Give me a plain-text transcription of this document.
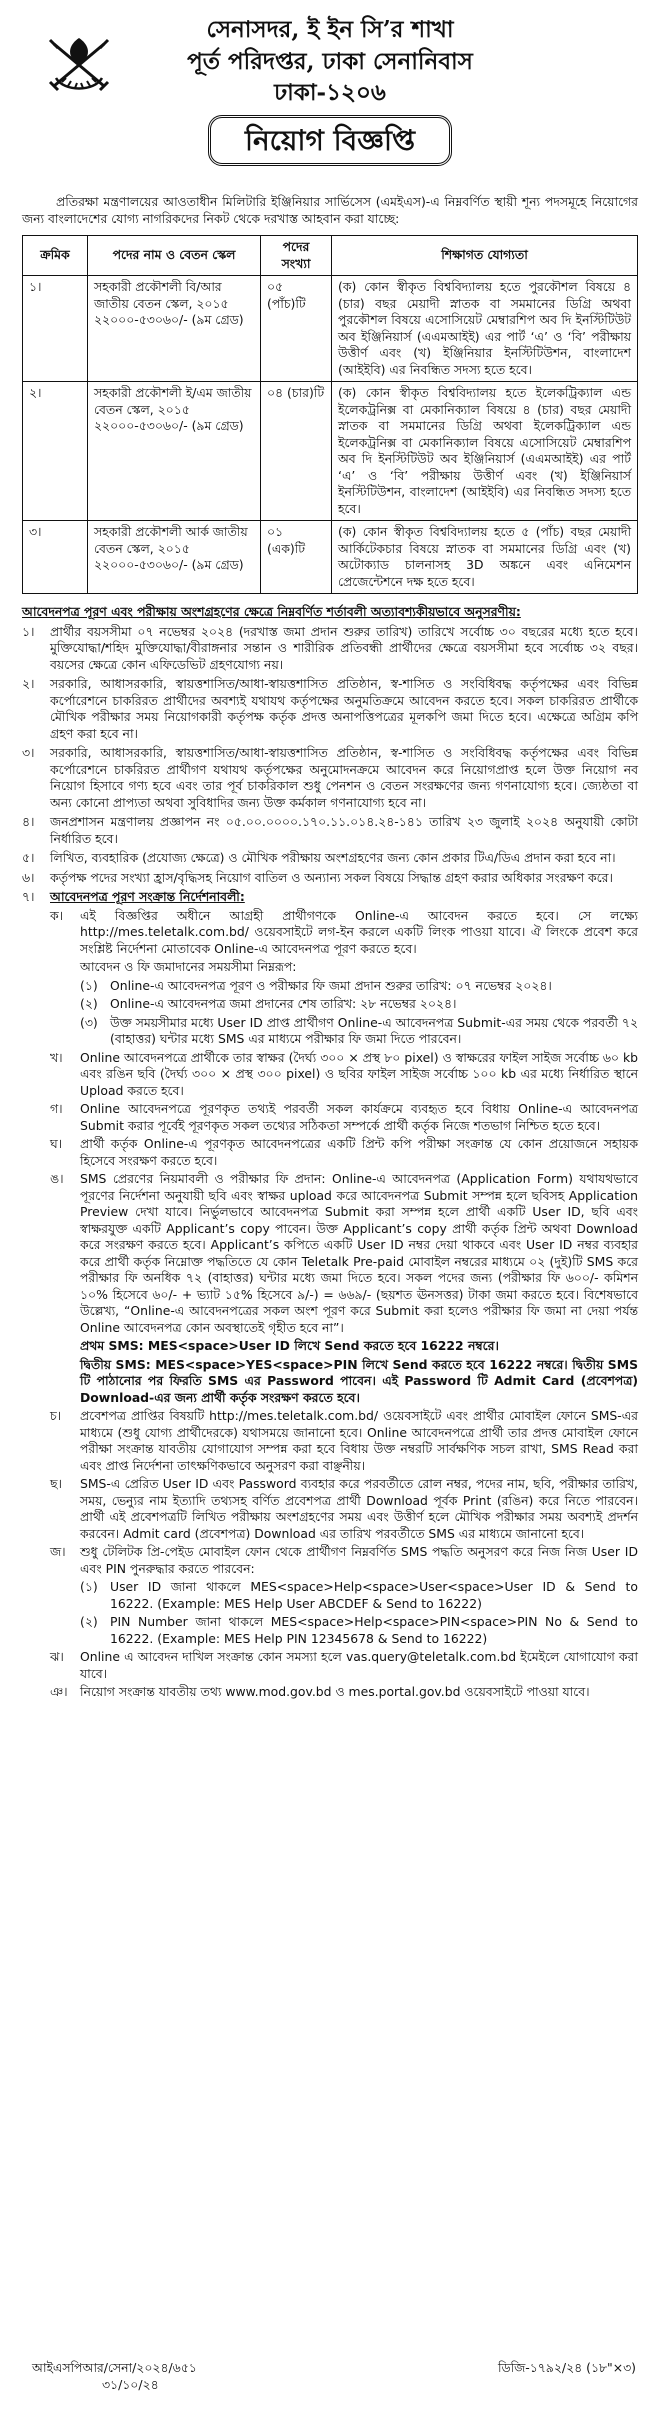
সেনাসদর, ই ইন সি’র শাখা
পূর্ত পরিদপ্তর, ঢাকা সেনানিবাস
ঢাকা-১২০৬
নিয়োগ বিজ্ঞপ্তি
প্রতিরক্ষা মন্ত্রণালয়ের আওতাধীন মিলিটারি ইঞ্জিনিয়ার সার্ভিসেস (এমইএস)-এ নিম্নবর্ণিত স্থায়ী শূন্য পদসমূহে নিয়োগের জন্য বাংলাদেশের যোগ্য নাগরিকদের নিকট থেকে দরখাস্ত আহবান করা যাচ্ছে:
ক্রমিক	পদের নাম ও বেতন স্কেল	পদের সংখ্যা	শিক্ষাগত যোগ্যতা
১।	সহকারী প্রকৌশলী বি/আর জাতীয় বেতন স্কেল, ২০১৫ ২২০০০-৫৩০৬০/- (৯ম গ্রেড)	০৫ (পাঁচ)টি	(ক) কোন স্বীকৃত বিশ্ববিদ্যালয় হতে পুরকৌশল বিষয়ে ৪ (চার) বছর মেয়াদী স্নাতক বা সমমানের ডিগ্রি অথবা পুরকৌশল বিষয়ে এসোসিয়েট মেম্বারশিপ অব দি ইনস্টিটিউট অব ইঞ্জিনিয়ার্স (এএমআইই) এর পার্ট ‘এ’ ও ‘বি’ পরীক্ষায় উত্তীর্ণ এবং (খ) ইঞ্জিনিয়ার ইনস্টিটিউশন, বাংলাদেশ (আইইবি) এর নিবন্ধিত সদস্য হতে হবে।
২।	সহকারী প্রকৌশলী ই/এম জাতীয় বেতন স্কেল, ২০১৫ ২২০০০-৫৩০৬০/- (৯ম গ্রেড)	০৪ (চার)টি	(ক) কোন স্বীকৃত বিশ্ববিদ্যালয় হতে ইলেকট্রিক্যাল এন্ড ইলেকট্রনিক্স বা মেকানিক্যাল বিষয়ে ৪ (চার) বছর মেয়াদী স্নাতক বা সমমানের ডিগ্রি অথবা ইলেকট্রিক্যাল এন্ড ইলেকট্রনিক্স বা মেকানিক্যাল বিষয়ে এসোসিয়েট মেম্বারশিপ অব দি ইনস্টিটিউট অব ইঞ্জিনিয়ার্স (এএমআইই) এর পার্ট ‘এ’ ও ‘বি’ পরীক্ষায় উত্তীর্ণ এবং (খ) ইঞ্জিনিয়ার্স ইনস্টিটিউশন, বাংলাদেশ (আইইবি) এর নিবন্ধিত সদস্য হতে হবে।
৩।	সহকারী প্রকৌশলী আর্ক জাতীয় বেতন স্কেল, ২০১৫ ২২০০০-৫৩০৬০/- (৯ম গ্রেড)	০১ (এক)টি	(ক) কোন স্বীকৃত বিশ্ববিদ্যালয় হতে ৫ (পাঁচ) বছর মেয়াদী আর্কিটেকচার বিষয়ে স্নাতক বা সমমানের ডিগ্রি এবং (খ) অটোক্যাড চালনাসহ 3D অঙ্কনে এবং এনিমেশন প্রেজেন্টেশনে দক্ষ হতে হবে।
আবেদনপত্র পূরণ এবং পরীক্ষায় অংশগ্রহণের ক্ষেত্রে নিম্নবর্ণিত শর্তাবলী অত্যাবশ্যকীয়ভাবে অনুসরণীয়:
১।	প্রার্থীর বয়সসীমা ০৭ নভেম্বর ২০২৪ (দরখাস্ত জমা প্রদান শুরুর তারিখ) তারিখে সর্বোচ্চ ৩০ বছরের মধ্যে হতে হবে। মুক্তিযোদ্ধা/শহিদ মুক্তিযোদ্ধা/বীরাঙ্গনার সন্তান ও শারীরিক প্রতিবন্ধী প্রার্থীদের ক্ষেত্রে বয়সসীমা হবে সর্বোচ্চ ৩২ বছর। বয়সের ক্ষেত্রে কোন এফিডেভিট গ্রহণযোগ্য নয়।
২।	সরকারি, আধাসরকারি, স্বায়ত্তশাসিত/আধা-স্বায়ত্তশাসিত প্রতিষ্ঠান, স্ব-শাসিত ও সংবিধিবদ্ধ কর্তৃপক্ষের এবং বিভিন্ন কর্পোরেশনে চাকরিরত প্রার্থীদের অবশ্যই যথাযথ কর্তৃপক্ষের অনুমতিক্রমে আবেদন করতে হবে। সকল চাকরিরত প্রার্থীকে মৌখিক পরীক্ষার সময় নিয়োগকারী কর্তৃপক্ষ কর্তৃক প্রদত্ত অনাপত্তিপত্রের মূলকপি জমা দিতে হবে। এক্ষেত্রে অগ্রিম কপি গ্রহণ করা হবে না।
৩।	সরকারি, আধাসরকারি, স্বায়ত্তশাসিত/আধা-স্বায়ত্তশাসিত প্রতিষ্ঠান, স্ব-শাসিত ও সংবিধিবদ্ধ কর্তৃপক্ষের এবং বিভিন্ন কর্পোরেশনে চাকরিরত প্রার্থীগণ যথাযথ কর্তৃপক্ষের অনুমোদনক্রমে আবেদন করে নিয়োগপ্রাপ্ত হলে উক্ত নিয়োগ নব নিয়োগ হিসাবে গণ্য হবে এবং তার পূর্ব চাকরিকাল শুধু পেনশন ও বেতন সংরক্ষণের জন্য গণনাযোগ্য হবে। জ্যেষ্ঠতা বা অন্য কোনো প্রাপ্যতা অথবা সুবিধাদির জন্য উক্ত কর্মকাল গণনাযোগ্য হবে না।
৪।	জনপ্রশাসন মন্ত্রণালয় প্রজ্ঞাপন নং ০৫.০০.০০০০.১৭০.১১.০১৪.২৪-১৪১ তারিখ ২৩ জুলাই ২০২৪ অনুযায়ী কোটা নির্ধারিত হবে।
৫।	লিখিত, ব্যবহারিক (প্রযোজ্য ক্ষেত্রে) ও মৌখিক পরীক্ষায় অংশগ্রহণের জন্য কোন প্রকার টিএ/ডিএ প্রদান করা হবে না।
৬।	কর্তৃপক্ষ পদের সংখ্যা হ্রাস/বৃদ্ধিসহ নিয়োগ বাতিল ও অন্যান্য সকল বিষয়ে সিদ্ধান্ত গ্রহণ করার অধিকার সংরক্ষণ করে।
৭।	আবেদনপত্র পূরণ সংক্রান্ত নির্দেশনাবলী:
ক।	এই বিজ্ঞপ্তির অধীনে আগ্রহী প্রার্থীগণকে Online-এ আবেদন করতে হবে। সে লক্ষ্যে http://mes.teletalk.com.bd/ ওয়েবসাইটে লগ-ইন করলে একটি লিংক পাওয়া যাবে। ঐ লিংকে প্রবেশ করে সংশ্লিষ্ট নির্দেশনা মোতাবেক Online-এ আবেদনপত্র পূরণ করতে হবে।
আবেদন ও ফি জমাদানের সময়সীমা নিম্নরূপ:
(১) Online-এ আবেদনপত্র পূরণ ও পরীক্ষার ফি জমা প্রদান শুরুর তারিখ: ০৭ নভেম্বর ২০২৪।
(২) Online-এ আবেদনপত্র জমা প্রদানের শেষ তারিখ: ২৮ নভেম্বর ২০২৪।
(৩) উক্ত সময়সীমার মধ্যে User ID প্রাপ্ত প্রার্থীগণ Online-এ আবেদনপত্র Submit-এর সময় থেকে পরবর্তী ৭২ (বাহাত্তর) ঘন্টার মধ্যে SMS এর মাধ্যমে পরীক্ষার ফি জমা দিতে পারবেন।
খ।	Online আবেদনপত্রে প্রার্থীকে তার স্বাক্ষর (দৈর্ঘ্য ৩০০ × প্রস্থ ৮০ pixel) ও স্বাক্ষরের ফাইল সাইজ সর্বোচ্চ ৬০ kb এবং রঙিন ছবি (দৈর্ঘ্য ৩০০ × প্রস্থ ৩০০ pixel) ও ছবির ফাইল সাইজ সর্বোচ্চ ১০০ kb এর মধ্যে নির্ধারিত স্থানে Upload করতে হবে।
গ।	Online আবেদনপত্রে পূরণকৃত তথ্যই পরবর্তী সকল কার্যক্রমে ব্যবহৃত হবে বিধায় Online-এ আবেদনপত্র Submit করার পূর্বেই পূরণকৃত সকল তথ্যের সঠিকতা সম্পর্কে প্রার্থী কর্তৃক নিজে শতভাগ নিশ্চিত হতে হবে।
ঘ।	প্রার্থী কর্তৃক Online-এ পূরণকৃত আবেদনপত্রের একটি প্রিন্ট কপি পরীক্ষা সংক্রান্ত যে কোন প্রয়োজনে সহায়ক হিসেবে সংরক্ষণ করতে হবে।
ঙ।	SMS প্রেরণের নিয়মাবলী ও পরীক্ষার ফি প্রদান: Online-এ আবেদনপত্র (Application Form) যথাযথভাবে পূরণের নির্দেশনা অনুযায়ী ছবি এবং স্বাক্ষর upload করে আবেদনপত্র Submit সম্পন্ন হলে ছবিসহ Application Preview দেখা যাবে। নির্ভুলভাবে আবেদনপত্র Submit করা সম্পন্ন হলে প্রার্থী একটি User ID, ছবি এবং স্বাক্ষরযুক্ত একটি Applicant’s copy পাবেন। উক্ত Applicant’s copy প্রার্থী কর্তৃক প্রিন্ট অথবা Download করে সংরক্ষণ করতে হবে। Applicant’s কপিতে একটি User ID নম্বর দেয়া থাকবে এবং User ID নম্বর ব্যবহার করে প্রার্থী কর্তৃক নিম্নোক্ত পদ্ধতিতে যে কোন Teletalk Pre-paid মোবাইল নম্বরের মাধ্যমে ০২ (দুই)টি SMS করে পরীক্ষার ফি অনধিক ৭২ (বাহাত্তর) ঘন্টার মধ্যে জমা দিতে হবে। সকল পদের জন্য (পরীক্ষার ফি ৬০০/- কমিশন ১০% হিসেবে ৬০/- + ভ্যাট ১৫% হিসেবে ৯/-) = ৬৬৯/- (ছয়শত ঊনসত্তর) টাকা জমা করতে হবে। বিশেষভাবে উল্লেখ্য, “Online-এ আবেদনপত্রের সকল অংশ পূরণ করে Submit করা হলেও পরীক্ষার ফি জমা না দেয়া পর্যন্ত Online আবেদনপত্র কোন অবস্থাতেই গৃহীত হবে না”।
প্রথম SMS: MES<space>User ID লিখে Send করতে হবে 16222 নম্বরে।
দ্বিতীয় SMS: MES<space>YES<space>PIN লিখে Send করতে হবে 16222 নম্বরে। দ্বিতীয় SMS টি পাঠানোর পর ফিরতি SMS এর Password পাবেন। এই Password টি Admit Card (প্রবেশপত্র) Download-এর জন্য প্রার্থী কর্তৃক সংরক্ষণ করতে হবে।
চ।	প্রবেশপত্র প্রাপ্তির বিষয়টি http://mes.teletalk.com.bd/ ওয়েবসাইটে এবং প্রার্থীর মোবাইল ফোনে SMS-এর মাধ্যমে (শুধু যোগ্য প্রার্থীদেরকে) যথাসময়ে জানানো হবে। Online আবেদনপত্রে প্রার্থী তার প্রদত্ত মোবাইল ফোনে পরীক্ষা সংক্রান্ত যাবতীয় যোগাযোগ সম্পন্ন করা হবে বিধায় উক্ত নম্বরটি সার্বক্ষণিক সচল রাখা, SMS Read করা এবং প্রাপ্ত নির্দেশনা তাৎক্ষণিকভাবে অনুসরণ করা বাঞ্ছনীয়।
ছ।	SMS-এ প্রেরিত User ID এবং Password ব্যবহার করে পরবর্তীতে রোল নম্বর, পদের নাম, ছবি, পরীক্ষার তারিখ, সময়, ভেন্যুর নাম ইত্যাদি তথ্যসহ বর্ণিত প্রবেশপত্র প্রার্থী Download পূর্বক Print (রঙিন) করে নিতে পারবেন। প্রার্থী এই প্রবেশপত্রটি লিখিত পরীক্ষায় অংশগ্রহণের সময় এবং উত্তীর্ণ হলে মৌখিক পরীক্ষার সময় অবশ্যই প্রদর্শন করবেন। Admit card (প্রবেশপত্র) Download এর তারিখ পরবর্তীতে SMS এর মাধ্যমে জানানো হবে।
জ।	শুধু টেলিটক প্রি-পেইড মোবাইল ফোন থেকে প্রার্থীগণ নিম্নবর্ণিত SMS পদ্ধতি অনুসরণ করে নিজ নিজ User ID এবং PIN পুনরুদ্ধার করতে পারবেন:
(১) User ID জানা থাকলে MES<space>Help<space>User<space>User ID & Send to 16222. (Example: MES Help User ABCDEF & Send to 16222)
(২) PIN Number জানা থাকলে MES<space>Help<space>PIN<space>PIN No & Send to 16222. (Example: MES Help PIN 12345678 & Send to 16222)
ঝ।	Online এ আবেদন দাখিল সংক্রান্ত কোন সমস্যা হলে vas.query@teletalk.com.bd ইমেইলে যোগাযোগ করা যাবে।
ঞ।	নিয়োগ সংক্রান্ত যাবতীয় তথ্য www.mod.gov.bd ও mes.portal.gov.bd ওয়েবসাইটে পাওয়া যাবে।
আইএসপিআর/সেনা/২০২৪/৬৫১
৩১/১০/২৪
ডিজি-১৭৯২/২৪ (১৮"×৩)
